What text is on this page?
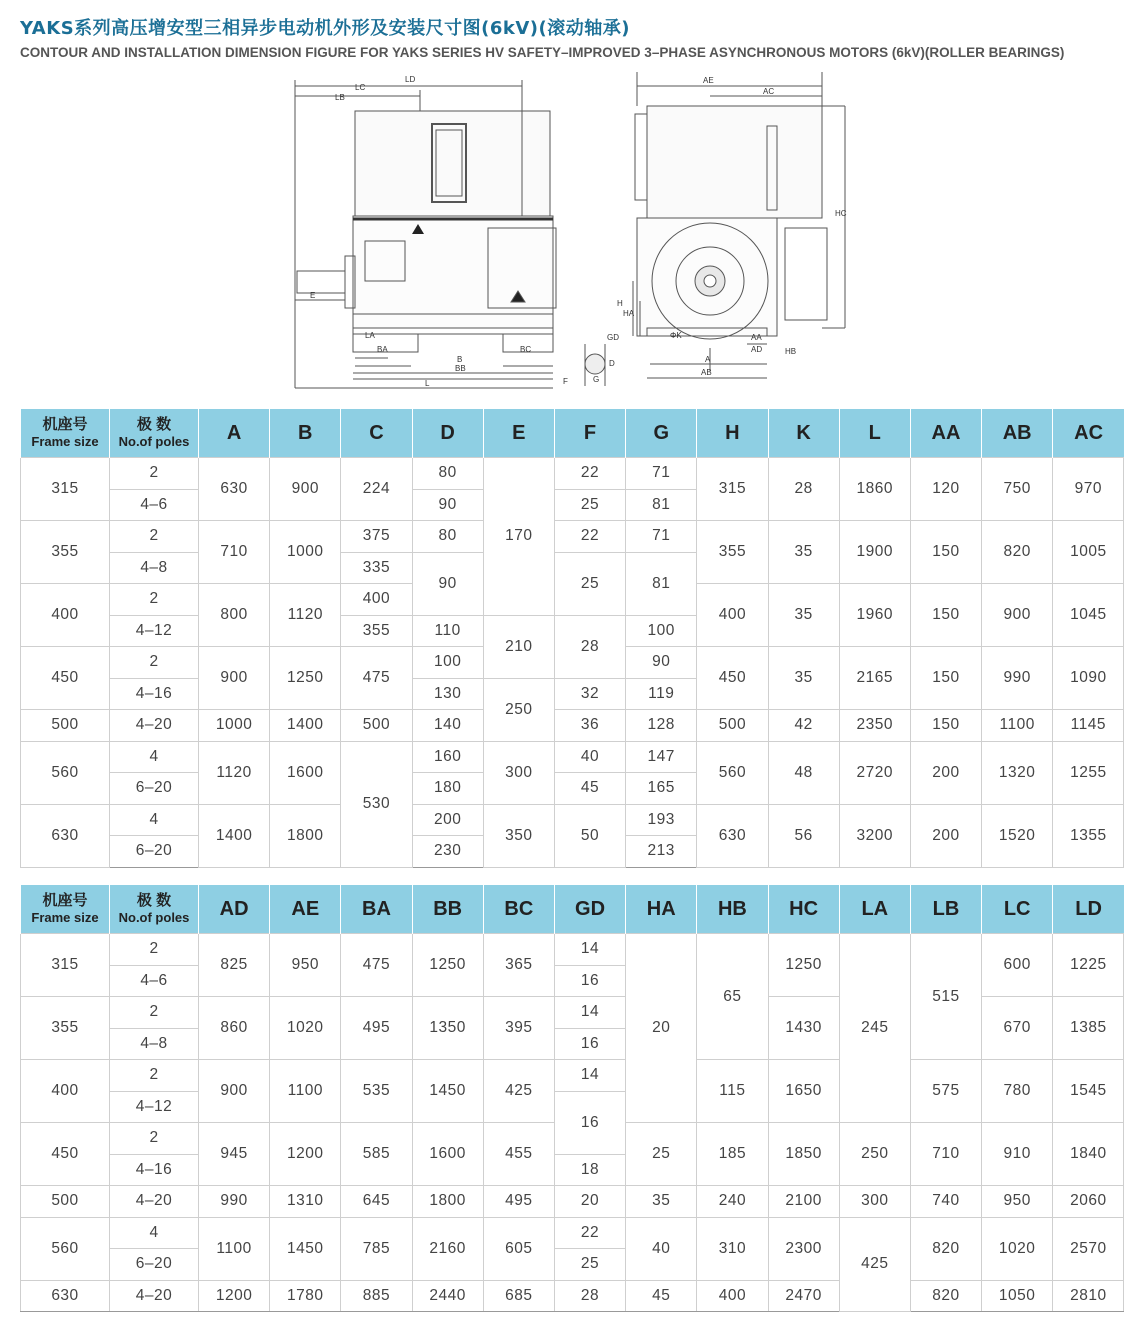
YAKS系列高压增安型三相异步电动机外形及安装尺寸图(6kV)(滚动轴承)
CONTOUR AND INSTALLATION DIMENSION FIGURE FOR YAKS SERIES HV SAFETY–IMPROVED 3–PHASE ASYNCHRONOUS MOTORS (6kV)(ROLLER BEARINGS)
LD
LC
LB
E
LA
BA
B
BB
BC
L
GD
D
G
F
AE
AC
HC
H
HA
ΦK	AA
AD	HB
A
AB
机座号
Frame size	极 数
No.of poles	A	B	C	D	E	F	G	H	K	L	AA	AB	AC
315	2	630	900	224	80	170	22	71	315	28	1860	120	750	970
	4–6				90		25	81						
355	2	710	1000	375	80		22	71	355	35	1900	150	820	1005
	4–8			335	90		25	81						
400	2	800	1120	400					400	35	1960	150	900	1045
	4–12			355	110	210	28	100						
450	2	900	1250	475	100			90	450	35	2165	150	990	1090
	4–16				130	250	32	119						
500	4–20	1000	1400	500	140		36	128	500	42	2350	150	1100	1145
560	4	1120	1600	530	160	300	40	147	560	48	2720	200	1320	1255
	6–20				180		45	165						
630	4	1400	1800		200	350	50	193	630	56	3200	200	1520	1355
	6–20				230			213						
机座号
Frame size	极 数
No.of poles	AD	AE	BA	BB	BC	GD	HA	HB	HC	LA	LB	LC	LD
315	2	825	950	475	1250	365	14	20	65	1250	245	515	600	1225
	4–6						16							
355	2	860	1020	495	1350	395	14			1430			670	1385
	4–8						16							
400	2	900	1100	535	1450	425	14		115	1650		575	780	1545
	4–12						16							
450	2	945	1200	585	1600	455		25	185	1850	250	710	910	1840
	4–16						18							
500	4–20	990	1310	645	1800	495	20	35	240	2100	300	740	950	2060
560	4	1100	1450	785	2160	605	22	40	310	2300	425	820	1020	2570
	6–20						25							
630	4–20	1200	1780	885	2440	685	28	45	400	2470		820	1050	2810
